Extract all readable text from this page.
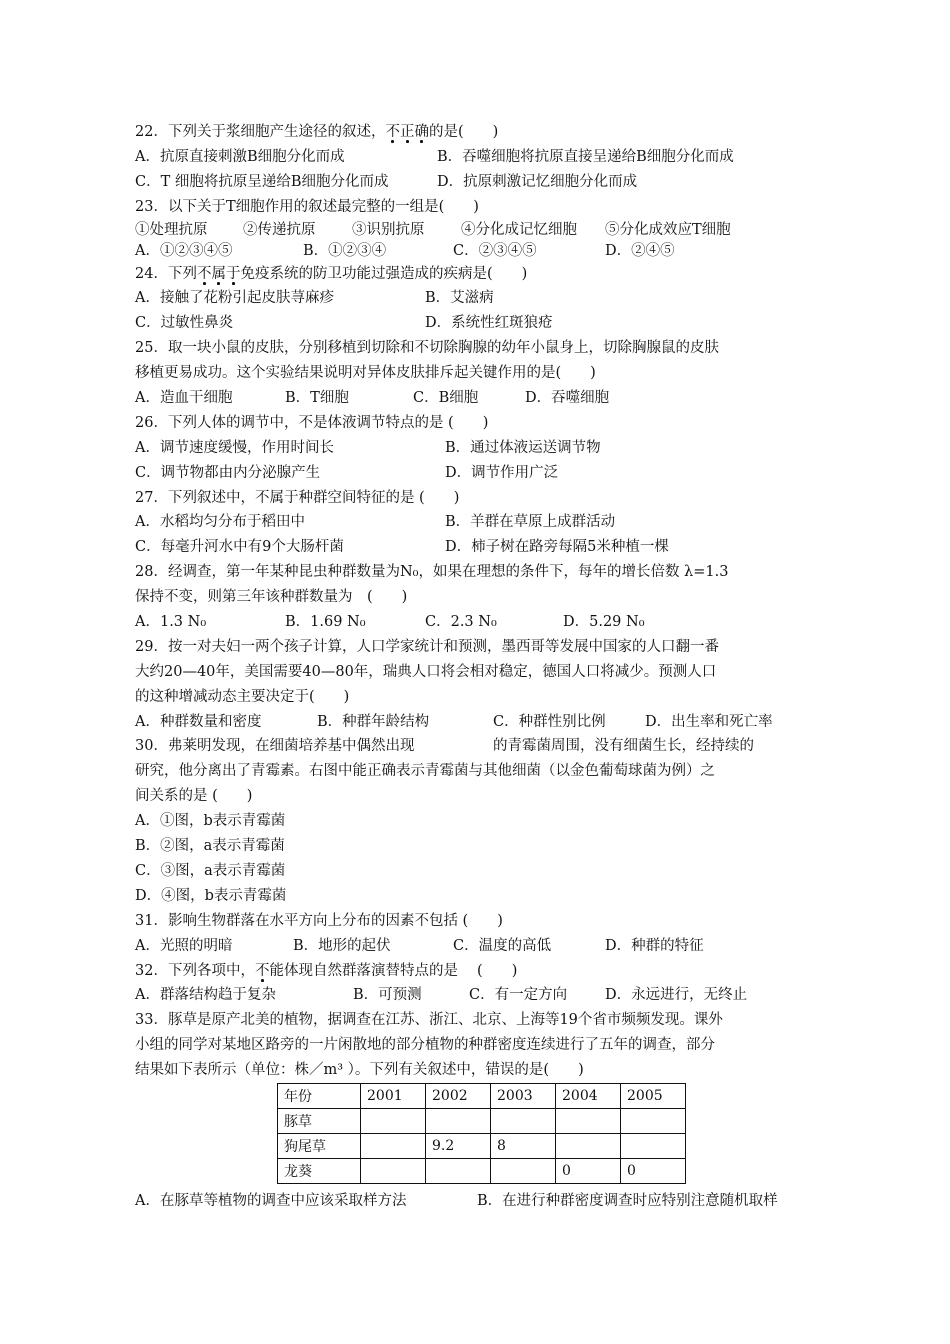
22．下列关于浆细胞产生途径的叙述，不正确的是(　　)
A．抗原直接刺激B细胞分化而成	B．吞噬细胞将抗原直接呈递给B细胞分化而成
C．T 细胞将抗原呈递给B细胞分化而成	D．抗原刺激记忆细胞分化而成
23．以下关于T细胞作用的叙述最完整的一组是(　　)
①处理抗原 ②传递抗原	③识别抗原	④分化成记忆细胞 ⑤分化成效应T细胞
A．①②③④⑤	B．①②③④	C．②③④⑤	D．②④⑤
24．下列不属于免疫系统的防卫功能过强造成的疾病是(　　)
A．接触了花粉引起皮肤荨麻疹	B．艾滋病
C．过敏性鼻炎	D．系统性红斑狼疮
25．取一块小鼠的皮肤，分别移植到切除和不切除胸腺的幼年小鼠身上，切除胸腺鼠的皮肤
移植更易成功。这个实验结果说明对异体皮肤排斥起关键作用的是(　　)
A．造血干细胞	B．T细胞	C．B细胞	D．吞噬细胞
26．下列人体的调节中，不是体液调节特点的是 (　　)
A．调节速度缓慢，作用时间长	B．通过体液运送调节物
C．调节物都由内分泌腺产生	D．调节作用广泛
27．下列叙述中，不属于种群空间特征的是 (　　)
A．水稻均匀分布于稻田中	B．羊群在草原上成群活动
C．每毫升河水中有9个大肠杆菌	D．柿子树在路旁每隔5米种植一棵
28．经调查，第一年某种昆虫种群数量为N₀，如果在理想的条件下，每年的增长倍数 λ=1.3
保持不变，则第三年该种群数量为　(　　)
A．1.3 N₀	B．1.69 N₀	C．2.3 N₀	D．5.29 N₀
29．按一对夫妇一两个孩子计算，人口学家统计和预测，墨西哥等发展中国家的人口翻一番
大约20—40年，美国需要40—80年，瑞典人口将会相对稳定，德国人口将减少。预测人口
的这种增减动态主要决定于(　　)
A．种群数量和密度	B．种群年龄结构	C．种群性别比例	D．出生率和死亡率
30．弗莱明发现，在细菌培养基中偶然出现	的青霉菌周围，没有细菌生长，经持续的
研究，他分离出了青霉素。右图中能正确表示青霉菌与其他细菌（以金色葡萄球菌为例）之
间关系的是 (　　)
A．①图，b表示青霉菌
B．②图，a表示青霉菌
C．③图，a表示青霉菌
D．④图，b表示青霉菌
31．影响生物群落在水平方向上分布的因素不包括 (　　)
A．光照的明暗	B．地形的起伏	C．温度的高低	D．种群的特征
32．下列各项中，不能体现自然群落演替特点的是　 (　　)
A．群落结构趋于复杂	B．可预测	C．有一定方向	D．永远进行，无终止
33．豚草是原产北美的植物，据调查在江苏、浙江、北京、上海等19个省市频频发现。课外
小组的同学对某地区路旁的一片闲散地的部分植物的种群密度连续进行了五年的调查，部分
结果如下表所示（单位：株／m³ ）。下列有关叙述中，错误的是(　　)
年份	2001	2002	2003	2004	2005
豚草					
狗尾草		9.2	8		
龙葵				0	0
A．在豚草等植物的调查中应该采取样方法	B．在进行种群密度调查时应特别注意随机取样
